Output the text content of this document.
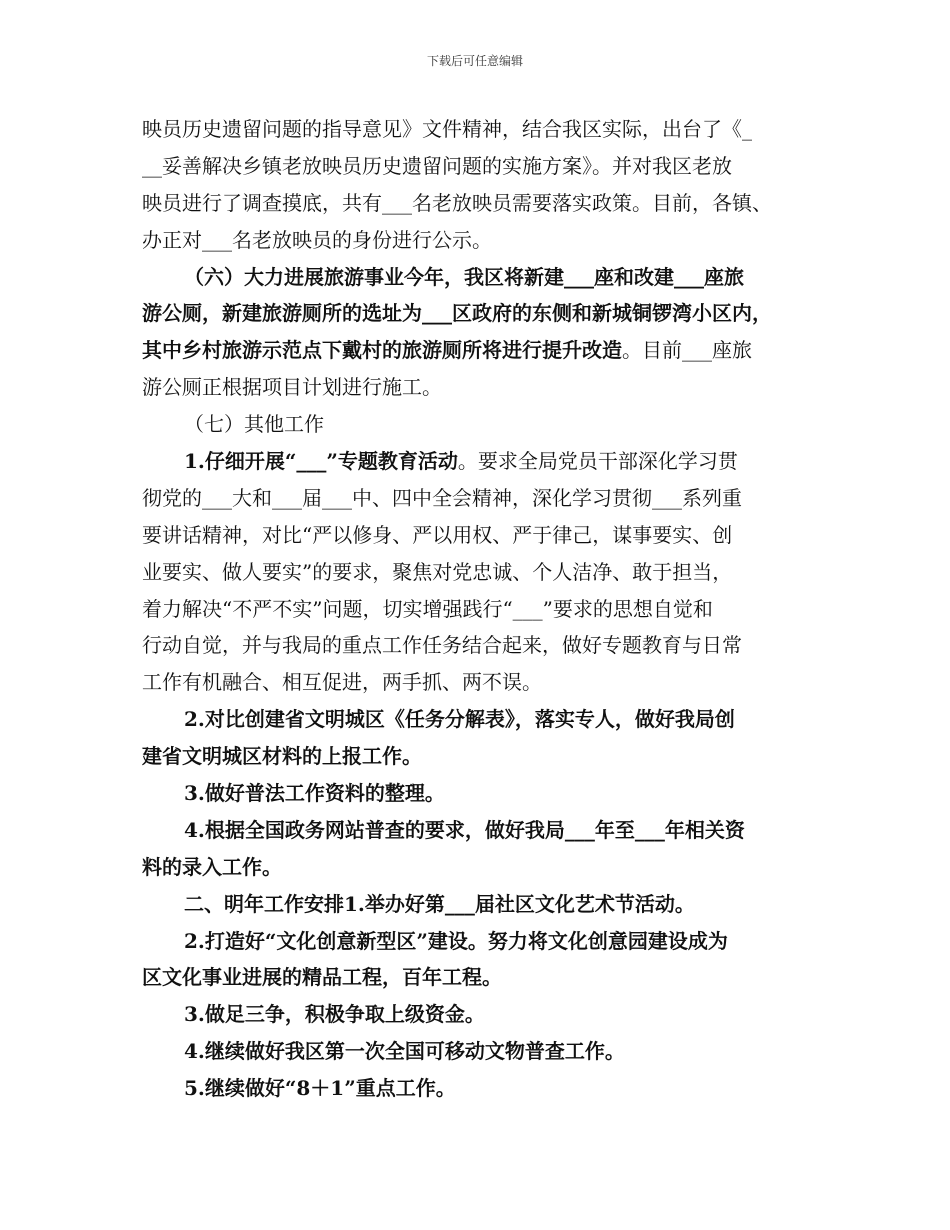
下载后可任意编辑
映员历史遗留问题的指导意见》文件精神，结合我区实际，出台了《_
__妥善解决乡镇老放映员历史遗留问题的实施方案》。并对我区老放
映员进行了调查摸底，共有___名老放映员需要落实政策。目前，各镇、
办正对___名老放映员的身份进行公示。
（六）大力进展旅游事业今年，我区将新建___座和改建___座旅
游公厕，新建旅游厕所的选址为___区政府的东侧和新城铜锣湾小区内，
其中乡村旅游示范点下戴村的旅游厕所将进行提升改造。目前___座旅
游公厕正根据项目计划进行施工。
（七）其他工作
1.仔细开展“___”专题教育活动。要求全局党员干部深化学习贯
彻党的___大和___届___中、四中全会精神，深化学习贯彻___系列重
要讲话精神，对比“严以修身、严以用权、严于律己，谋事要实、创
业要实、做人要实”的要求，聚焦对党忠诚、个人洁净、敢于担当，
着力解决“不严不实”问题，切实增强践行“___”要求的思想自觉和
行动自觉，并与我局的重点工作任务结合起来，做好专题教育与日常
工作有机融合、相互促进，两手抓、两不误。
2.对比创建省文明城区《任务分解表》，落实专人，做好我局创
建省文明城区材料的上报工作。
3.做好普法工作资料的整理。
4.根据全国政务网站普查的要求，做好我局___年至___年相关资
料的录入工作。
二、明年工作安排1.举办好第___届社区文化艺术节活动。
2.打造好“文化创意新型区”建设。努力将文化创意园建设成为
区文化事业进展的精品工程，百年工程。
3.做足三争，积极争取上级资金。
4.继续做好我区第一次全国可移动文物普查工作。
5.继续做好“8＋1”重点工作。
